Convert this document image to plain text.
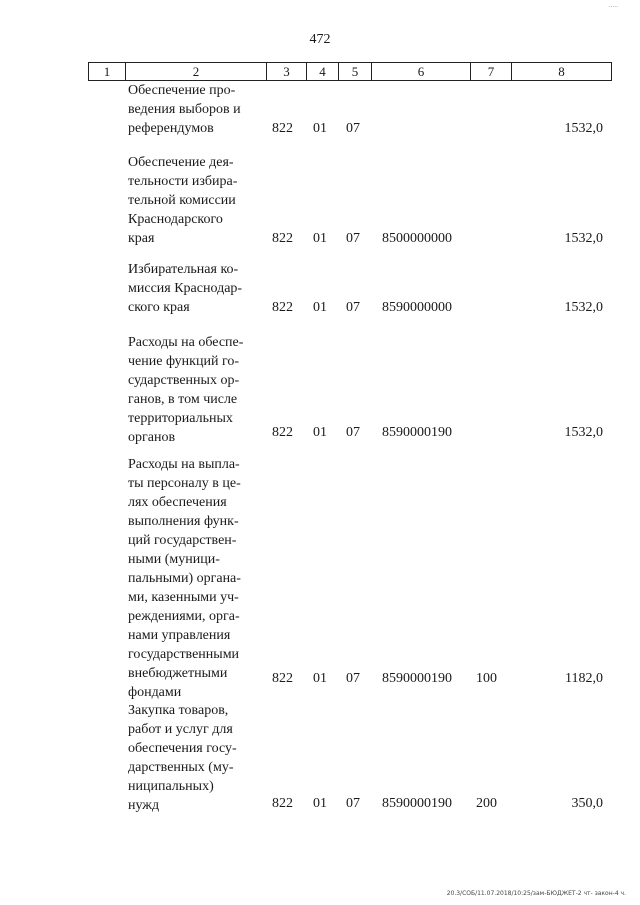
472
·····
1	2	3	4	5	6	7	8
Обеспечение про-
ведения выборов и
референдумов	822 01 07	1532,0
Обеспечение дея-
тельности избира-
тельной комиссии
Краснодарского
края	822 01 07 8500000000	1532,0
Избирательная ко-
миссия Краснодар-
ского края	822 01 07 8590000000	1532,0
Расходы на обеспе-
чение функций го-
сударственных ор-
ганов, в том числе
территориальных
органов	822 01 07 8590000190	1532,0
Расходы на выпла-
ты персоналу в це-
лях обеспечения
выполнения функ-
ций государствен-
ными (муници-
пальными) органа-
ми, казенными уч-
реждениями, орга-
нами управления
государственными
внебюджетными
фондами
822 01 07 8590000190 100	1182,0
Закупка товаров,
работ и услуг для
обеспечения госу-
дарственных (му-
ниципальных)
нужд	822 01 07 8590000190 200	350,0
20.3/СОБ/11.07.2018/10:25/зам-БЮДЖЕТ-2 чт- закон-4 ч.
